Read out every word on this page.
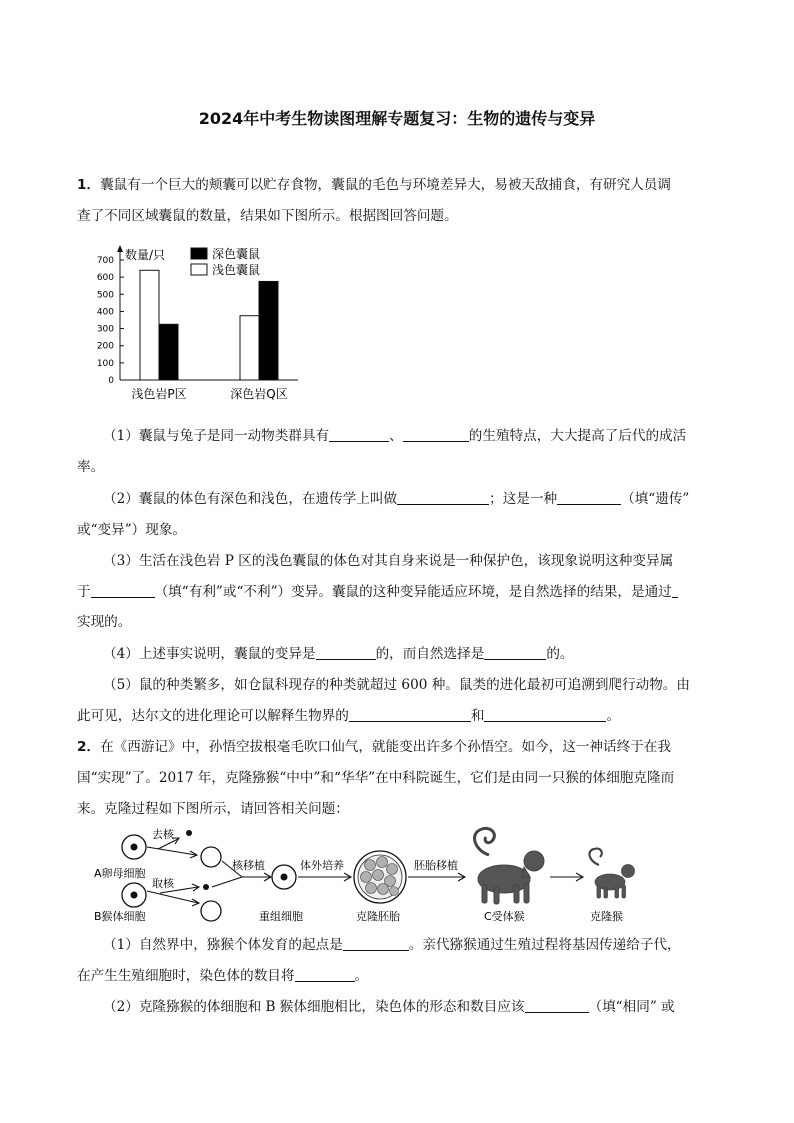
2024年中考生物读图理解专题复习：生物的遗传与变异

1．囊鼠有一个巨大的颊囊可以贮存食物，囊鼠的毛色与环境差异大，易被天敌捕食，有研究人员调

查了不同区域囊鼠的数量，结果如下图所示。根据图回答问题。

数量/只
0
100
200
300
400
500
600
700
浅色岩P区	深色岩Q区
深色囊鼠
浅色囊鼠

（1）囊鼠与兔子是同一动物类群具有	、	的生殖特点，大大提高了后代的成活

率。

（2）囊鼠的体色有深色和浅色，在遗传学上叫做	；这是一种	（填“遗传”

或“变异”）现象。

（3）生活在浅色岩 P 区的浅色囊鼠的体色对其自身来说是一种保护色，该现象说明这种变异属

于	（填“有利”或“不利”）变异。囊鼠的这种变异能适应环境，是自然选择的结果，是通过

实现的。

（4）上述事实说明，囊鼠的变异是	的，而自然选择是	的。

（5）鼠的种类繁多，如仓鼠科现存的种类就超过 600 种。鼠类的进化最初可追溯到爬行动物。由

此可见，达尔文的进化理论可以解释生物界的	和	。

2．在《西游记》中，孙悟空拔根毫毛吹口仙气，就能变出许多个孙悟空。如今，这一神话终于在我

国“实现”了。2017 年，克隆猕猴“中中”和“华华”在中科院诞生，它们是由同一只猴的体细胞克隆而

来。克隆过程如下图所示，请回答相关问题：

A卵母细胞
B猴体细胞
去核
取核
核移植
重组细胞
体外培养
克隆胚胎
胚胎移植
C受体猴	克隆猴

（1）自然界中，猕猴个体发育的起点是	。亲代猕猴通过生殖过程将基因传递给子代，

在产生生殖细胞时，染色体的数目将	。

（2）克隆猕猴的体细胞和 B 猴体细胞相比，染色体的形态和数目应该	（填“相同” 或
